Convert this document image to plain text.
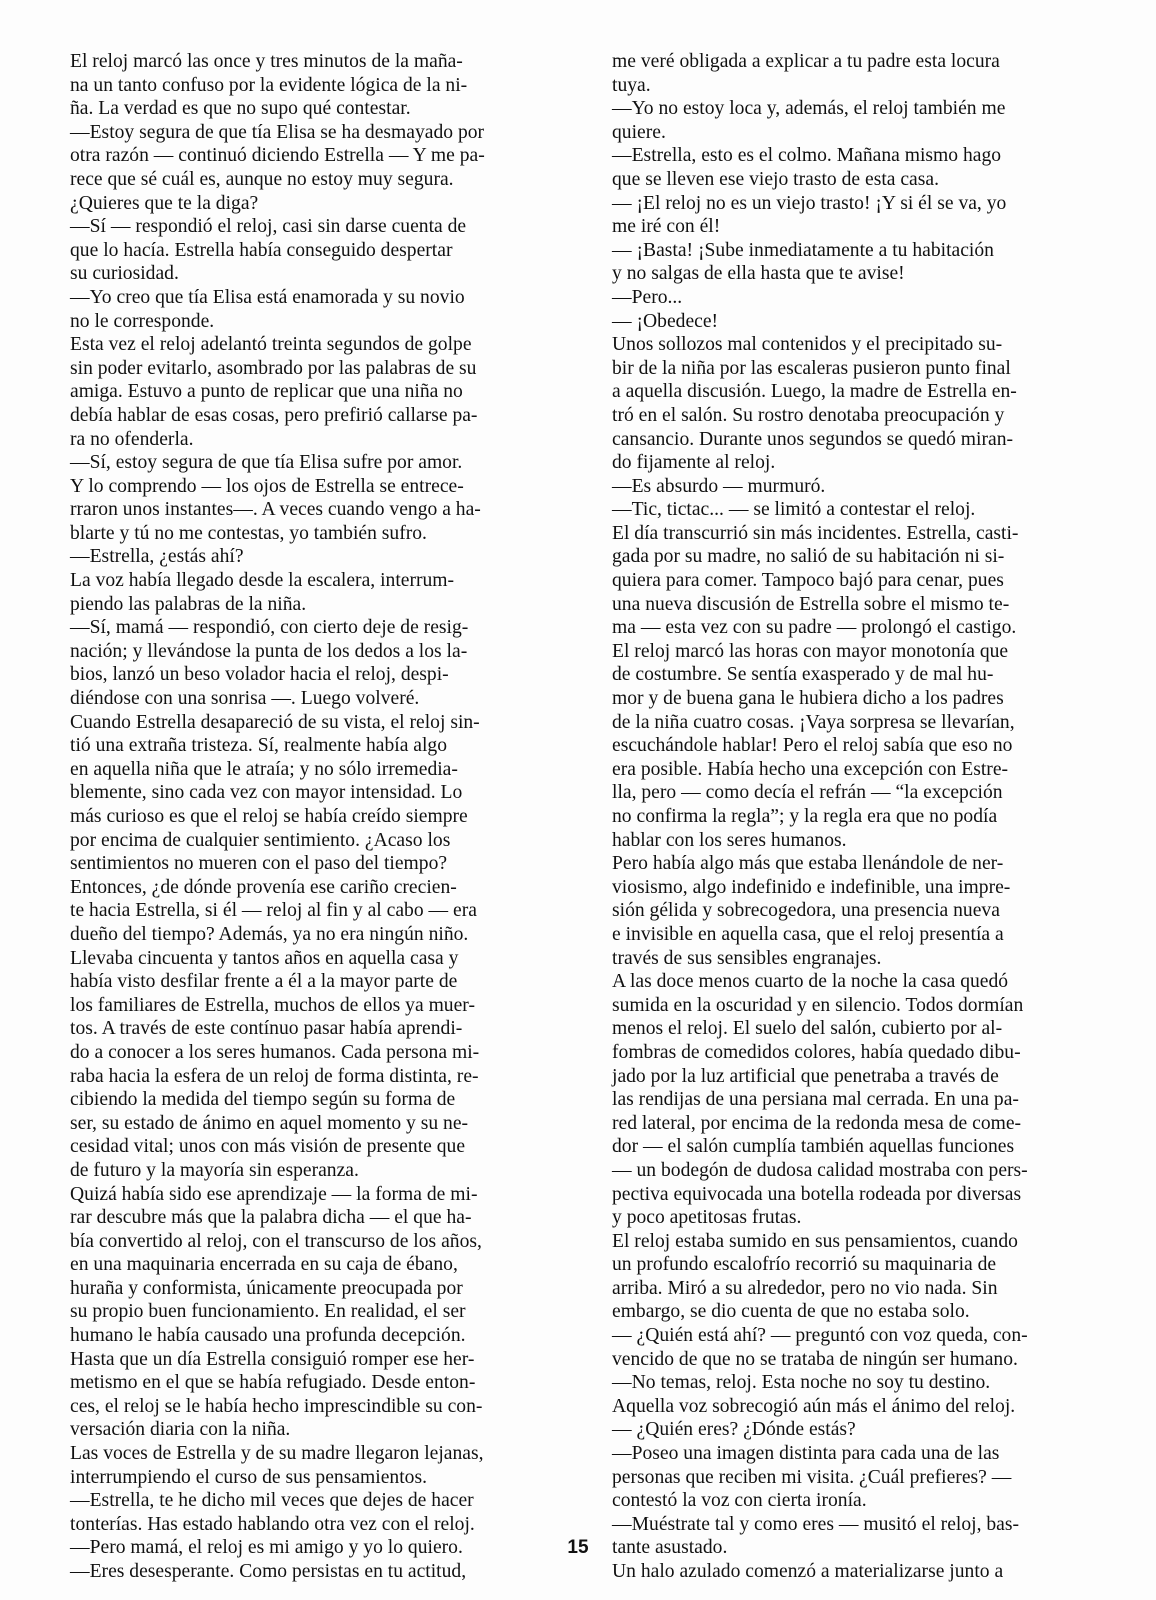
El reloj marcó las once y tres minutos de la maña-
na un tanto confuso por la evidente lógica de la ni-
ña. La verdad es que no supo qué contestar.
—Estoy segura de que tía Elisa se ha desmayado por
otra razón — continuó diciendo Estrella — Y me pa-
rece que sé cuál es, aunque no estoy muy segura.
¿Quieres que te la diga?
—Sí — respondió el reloj, casi sin darse cuenta de
que lo hacía. Estrella había conseguido despertar
su curiosidad.
—Yo creo que tía Elisa está enamorada y su novio
no le corresponde.
Esta vez el reloj adelantó treinta segundos de golpe
sin poder evitarlo, asombrado por las palabras de su
amiga. Estuvo a punto de replicar que una niña no
debía hablar de esas cosas, pero prefirió callarse pa-
ra no ofenderla.
—Sí, estoy segura de que tía Elisa sufre por amor.
Y lo comprendo — los ojos de Estrella se entrece-
rraron unos instantes—. A veces cuando vengo a ha-
blarte y tú no me contestas, yo también sufro.
—Estrella, ¿estás ahí?
La voz había llegado desde la escalera, interrum-
piendo las palabras de la niña.
—Sí, mamá — respondió, con cierto deje de resig-
nación; y llevándose la punta de los dedos a los la-
bios, lanzó un beso volador hacia el reloj, despi-
diéndose con una sonrisa —. Luego volveré.
Cuando Estrella desapareció de su vista, el reloj sin-
tió una extraña tristeza. Sí, realmente había algo
en aquella niña que le atraía; y no sólo irremedia-
blemente, sino cada vez con mayor intensidad. Lo
más curioso es que el reloj se había creído siempre
por encima de cualquier sentimiento. ¿Acaso los
sentimientos no mueren con el paso del tiempo?
Entonces, ¿de dónde provenía ese cariño crecien-
te hacia Estrella, si él — reloj al fin y al cabo — era
dueño del tiempo? Además, ya no era ningún niño.
Llevaba cincuenta y tantos años en aquella casa y
había visto desfilar frente a él a la mayor parte de
los familiares de Estrella, muchos de ellos ya muer-
tos. A través de este contínuo pasar había aprendi-
do a conocer a los seres humanos. Cada persona mi-
raba hacia la esfera de un reloj de forma distinta, re-
cibiendo la medida del tiempo según su forma de
ser, su estado de ánimo en aquel momento y su ne-
cesidad vital; unos con más visión de presente que
de futuro y la mayoría sin esperanza.
Quizá había sido ese aprendizaje — la forma de mi-
rar descubre más que la palabra dicha — el que ha-
bía convertido al reloj, con el transcurso de los años,
en una maquinaria encerrada en su caja de ébano,
huraña y conformista, únicamente preocupada por
su propio buen funcionamiento. En realidad, el ser
humano le había causado una profunda decepción.
Hasta que un día Estrella consiguió romper ese her-
metismo en el que se había refugiado. Desde enton-
ces, el reloj se le había hecho imprescindible su con-
versación diaria con la niña.
Las voces de Estrella y de su madre llegaron lejanas,
interrumpiendo el curso de sus pensamientos.
—Estrella, te he dicho mil veces que dejes de hacer
tonterías. Has estado hablando otra vez con el reloj.
—Pero mamá, el reloj es mi amigo y yo lo quiero.
—Eres desesperante. Como persistas en tu actitud,
me veré obligada a explicar a tu padre esta locura
tuya.
—Yo no estoy loca y, además, el reloj también me
quiere.
—Estrella, esto es el colmo. Mañana mismo hago
que se lleven ese viejo trasto de esta casa.
— ¡El reloj no es un viejo trasto! ¡Y si él se va, yo
me iré con él!
— ¡Basta! ¡Sube inmediatamente a tu habitación
y no salgas de ella hasta que te avise!
—Pero...
— ¡Obedece!
Unos sollozos mal contenidos y el precipitado su-
bir de la niña por las escaleras pusieron punto final
a aquella discusión. Luego, la madre de Estrella en-
tró en el salón. Su rostro denotaba preocupación y
cansancio. Durante unos segundos se quedó miran-
do fijamente al reloj.
—Es absurdo — murmuró.
—Tic, tictac... — se limitó a contestar el reloj.
El día transcurrió sin más incidentes. Estrella, casti-
gada por su madre, no salió de su habitación ni si-
quiera para comer. Tampoco bajó para cenar, pues
una nueva discusión de Estrella sobre el mismo te-
ma — esta vez con su padre — prolongó el castigo.
El reloj marcó las horas con mayor monotonía que
de costumbre. Se sentía exasperado y de mal hu-
mor y de buena gana le hubiera dicho a los padres
de la niña cuatro cosas. ¡Vaya sorpresa se llevarían,
escuchándole hablar! Pero el reloj sabía que eso no
era posible. Había hecho una excepción con Estre-
lla, pero — como decía el refrán — “la excepción
no confirma la regla”; y la regla era que no podía
hablar con los seres humanos.
Pero había algo más que estaba llenándole de ner-
viosismo, algo indefinido e indefinible, una impre-
sión gélida y sobrecogedora, una presencia nueva
e invisible en aquella casa, que el reloj presentía a
través de sus sensibles engranajes.
A las doce menos cuarto de la noche la casa quedó
sumida en la oscuridad y en silencio. Todos dormían
menos el reloj. El suelo del salón, cubierto por al-
fombras de comedidos colores, había quedado dibu-
jado por la luz artificial que penetraba a través de
las rendijas de una persiana mal cerrada. En una pa-
red lateral, por encima de la redonda mesa de come-
dor — el salón cumplía también aquellas funciones
— un bodegón de dudosa calidad mostraba con pers-
pectiva equivocada una botella rodeada por diversas
y poco apetitosas frutas.
El reloj estaba sumido en sus pensamientos, cuando
un profundo escalofrío recorrió su maquinaria de
arriba. Miró a su alrededor, pero no vio nada. Sin
embargo, se dio cuenta de que no estaba solo.
— ¿Quién está ahí? — preguntó con voz queda, con-
vencido de que no se trataba de ningún ser humano.
—No temas, reloj. Esta noche no soy tu destino.
Aquella voz sobrecogió aún más el ánimo del reloj.
— ¿Quién eres? ¿Dónde estás?
—Poseo una imagen distinta para cada una de las
personas que reciben mi visita. ¿Cuál prefieres? —
contestó la voz con cierta ironía.
—Muéstrate tal y como eres — musitó el reloj, bas-
tante asustado.
Un halo azulado comenzó a materializarse junto a
15
